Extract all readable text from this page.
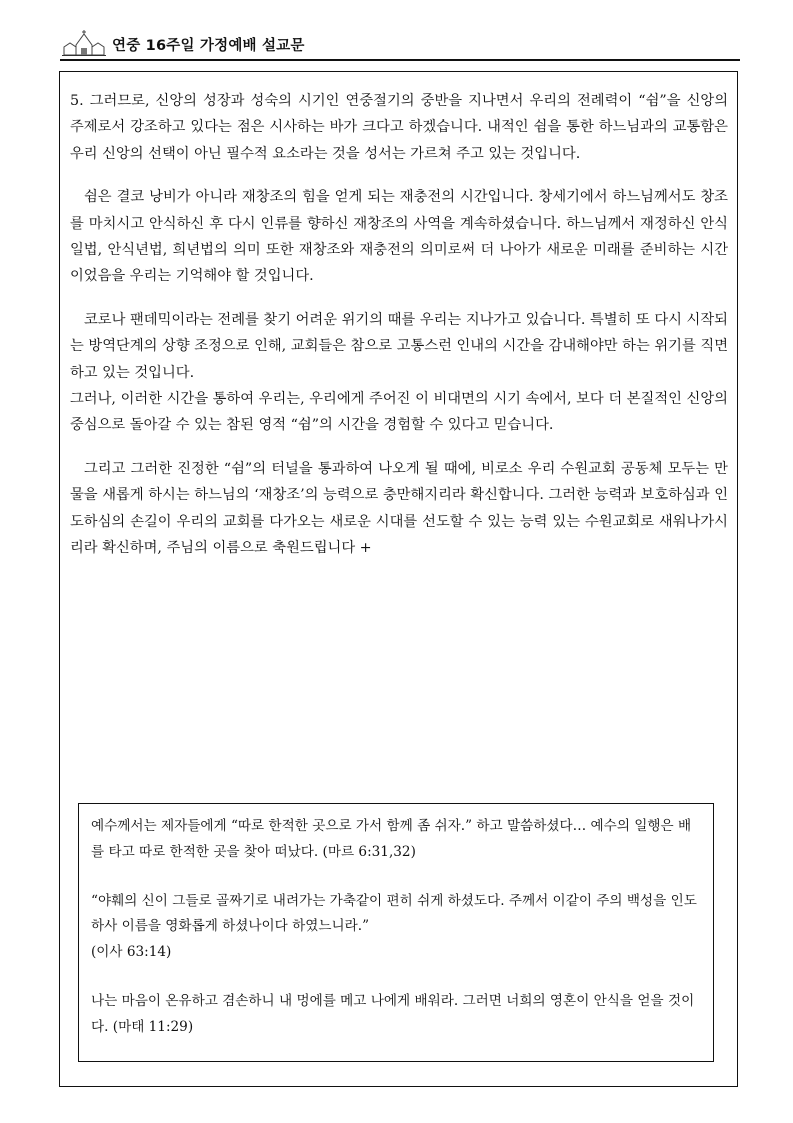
연중 16주일 가정예배 설교문

5. 그러므로, 신앙의 성장과 성숙의 시기인 연중절기의 중반을 지나면서 우리의 전례력이 “쉼”을 신앙의 주제로서 강조하고 있다는 점은 시사하는 바가 크다고 하겠습니다. 내적인 쉼을 통한 하느님과의 교통함은 우리 신앙의 선택이 아닌 필수적 요소라는 것을 성서는 가르쳐 주고 있는 것입니다.

쉼은 결코 낭비가 아니라 재창조의 힘을 얻게 되는 재충전의 시간입니다. 창세기에서 하느님께서도 창조를 마치시고 안식하신 후 다시 인류를 향하신 재창조의 사역을 계속하셨습니다. 하느님께서 재정하신 안식일법, 안식년법, 희년법의 의미 또한 재창조와 재충전의 의미로써 더 나아가 새로운 미래를 준비하는 시간이었음을 우리는 기억해야 할 것입니다.

코로나 팬데믹이라는 전례를 찾기 어려운 위기의 때를 우리는 지나가고 있습니다. 특별히 또 다시 시작되는 방역단계의 상향 조정으로 인해, 교회들은 참으로 고통스런 인내의 시간을 감내해야만 하는 위기를 직면하고 있는 것입니다.

그러나, 이러한 시간을 통하여 우리는, 우리에게 주어진 이 비대면의 시기 속에서, 보다 더 본질적인 신앙의 중심으로 돌아갈 수 있는 참된 영적 “쉼”의 시간을 경험할 수 있다고 믿습니다.

그리고 그러한 진정한 “쉼”의 터널을 통과하여 나오게 될 때에, 비로소 우리 수원교회 공동체 모두는 만물을 새롭게 하시는 하느님의 ‘재창조’의 능력으로 충만해지리라 확신합니다. 그러한 능력과 보호하심과 인도하심의 손길이 우리의 교회를 다가오는 새로운 시대를 선도할 수 있는 능력 있는 수원교회로 새워나가시리라 확신하며, 주님의 이름으로 축원드립니다 +

예수께서는 제자들에게 “따로 한적한 곳으로 가서 함께 좀 쉬자.” 하고 말씀하셨다… 예수의 일행은 배를 타고 따로 한적한 곳을 찾아 떠났다. (마르 6:31,32)

“야훼의 신이 그들로 골짜기로 내려가는 가축같이 편히 쉬게 하셨도다. 주께서 이같이 주의 백성을 인도하사 이름을 영화롭게 하셨나이다 하였느니라.”

(이사 63:14)

나는 마음이 온유하고 겸손하니 내 멍에를 메고 나에게 배워라. 그러면 너희의 영혼이 안식을 얻을 것이다. (마태 11:29)
